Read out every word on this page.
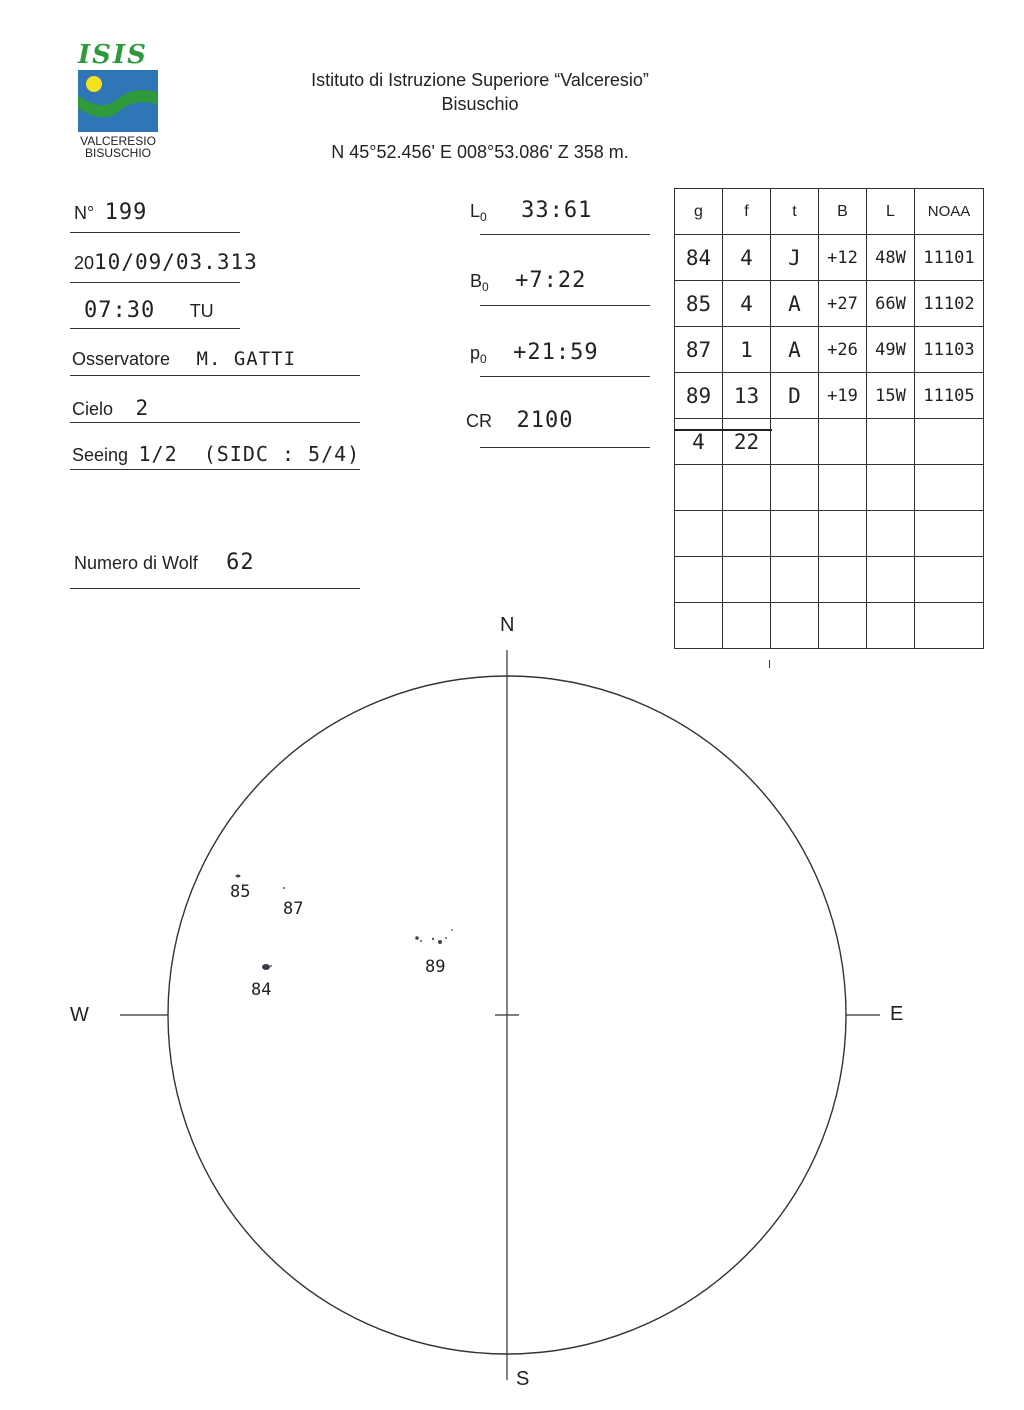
ISIS
VALCERESIO
BISUSCHIO
Istituto di Istruzione Superiore “Valceresio”
Bisuschio
N 45°52.456' E 008°53.086' Z 358 m.
N° 199
2010/09/03.313
07:30 TU
Osservatore M. GATTI
Cielo 2
Seeing 1/2  (SIDC : 5/4)
Numero di Wolf 62
$L_0$ 33:61
$B_0$ +7:22
$p_0$ +21:59
CR 2100
g	f	t	B	L	NOAA
84	4	J	+12	48W	11101
85	4	A	+27	66W	11102
87	1	A	+26	49W	11103
89	13	D	+19	15W	11105
4	22				

N
S
W	E
85
87
84
89
